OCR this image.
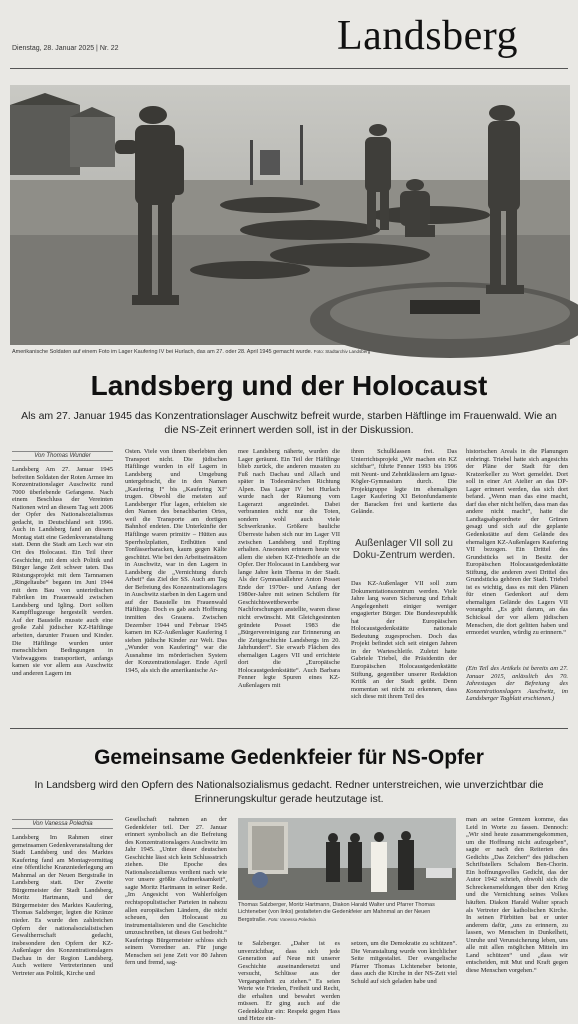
Dienstag, 28. Januar 2025 | Nr. 22	Landsberg
Amerikanische Soldaten auf einem Foto im Lager Kaufering IV bei Hurlach, das am 27. oder 28. April 1945 gemacht wurde. Foto: Stadtarchiv Landsberg
Landsberg und der Holocaust
Als am 27. Januar 1945 das Konzentrationslager Auschwitz befreit wurde, starben Häftlinge im Frauenwald. Wie an die NS-Zeit erinnert werden soll, ist in der Diskussion.
Von Thomas Wunder
Landsberg Am 27. Januar 1945 befreiten Soldaten der Roten Armee im Konzentrationslager Auschwitz rund 7000 überlebende Gefangene. Nach einem Beschluss der Vereinten Nationen wird an diesem Tag seit 2006 der Opfer des Nationalsozialismus gedacht, in Deutschland seit 1996. Auch in Landsberg fand an diesem Montag statt eine Gedenkveranstaltung statt. Denn die Stadt am Lech war ein Ort des Holocaust. Ein Teil ihrer Geschichte, mit dem sich Politik und Bürger lange Zeit schwer taten. Das Rüstungsprojekt mit dem Tarnnamen „Ringeltaube“ begann im Juni 1944 mit dem Bau von unterirdischen Fabriken im Frauenwald zwischen Landsberg und Igling. Dort sollten Kampfflugzeuge hergestellt werden. Auf der Baustelle musste auch eine große Zahl jüdischer KZ-Häftlinge arbeiten, darunter Frauen und Kinder. Die Häftlinge wurden unter menschlichen Bedingungen in Viehwaggons transportiert, anfangs kamen sie vor allem aus Auschwitz und anderen Lagern im
Osten. Viele von ihnen überlebten den Transport nicht. Die jüdischen Häftlinge wurden in elf Lagern in Landsberg und Umgebung untergebracht, die in den Namen „Kaufering I“ bis „Kaufering XI“ trugen. Obwohl die meisten auf Landsberger Flur lagen, erhielten sie den Namen des benachbarten Ortes, weil die Transporte am dortigen Bahnhof endeten. Die Unterkünfte der Häftlinge waren primitiv – Hütten aus Sperrholzplatten, Erdhütten und Tonfässerbaracken, kaum gegen Kälte geschützt. Wie bei den Arbeitseinsätzen in Auschwitz, war in den Lagern in Landsberg die „Vernichtung durch Arbeit“ das Ziel der SS. Auch am Tag der Befreiung des Konzentrationslagers in Auschwitz starben in den Lagern und auf der Baustelle im Frauenwald Häftlinge. Doch es gab auch Hoffnung inmitten des Grauens. Zwischen Dezember 1944 und Februar 1945 kamen im KZ-Außenlager Kaufering I sieben jüdische Kinder zur Welt. Das „Wunder von Kaufering“ war die Ausnahme im mörderischen System der Konzentrationslager. Ende April 1945, als sich die amerikanische Ar-
mee Landsberg näherte, wurden die Lager geräumt. Ein Teil der Häftlinge blieb zurück, die anderen mussten zu Fuß nach Dachau und Allach und später in Todesmärschen Richtung Alpen. Das Lager IV bei Hurlach wurde nach der Räumung vom Lagerarzt angezündet. Dabei verbrannten nicht nur die Toten, sondern wohl auch viele Schwerkranke. Größere bauliche Überreste haben sich nur im Lager VII zwischen Landsberg und Erpfting erhalten. Ansonsten erinnern heute vor allem die sieben KZ-Friedhöfe an die Opfer. Der Holocaust in Landsberg war lange Jahre kein Thema in der Stadt. Als der Gymnasiallehrer Anton Posset Ende der 1970er- und Anfang der 1980er-Jahre mit seinen Schülern für Geschichtswettbewerbe Nachforschungen anstellte, waren diese nicht erwünscht. Mit Gleichgesinnten gründete Posset 1983 die „Bürgervereinigung zur Erinnerung an die Zeitgeschichte Landsbergs im 20. Jahrhundert“. Sie erwarb Flächen des ehemaligen Lagers VII und errichtete dort die „Europäische Holocaustgedenkstätte“. Auch Barbara Fenner legte Spuren eines KZ-Außenlagers mit
ihren Schulklassen frei. Das Unterrichtsprojekt „Wir machen ein KZ sichtbar“, führte Fenner 1993 bis 1996 mit Neunt- und Zehntklässlern am Ignaz-Kögler-Gymnasium durch. Die Projektgruppe legte im ehemaligen Lager Kaufering XI Betonfundamente der Baracken frei und kartierte das Gelände.
Außenlager VII soll zu Doku-Zentrum werden.
Das KZ-Außenlager VII soll zum Dokumentationszentrum werden. Viele Jahre lang waren Sicherung und Erhalt Angelegenheit einiger weniger engagierter Bürger. Die Bundesrepublik hat der Europäischen Holocaustgedenkstätte nationale Bedeutung zugesprochen. Doch das Projekt befindet sich seit einigen Jahren in der Warteschleife. Zuletzt hatte Gabriele Triebel, die Präsidentin der Europäischen Holocaustgedenkstätte Stiftung, gegenüber unserer Redaktion Kritik an der Stadt geübt. Denn momentan sei nicht zu erkennen, dass sich diese mit ihrem Teil des
historischen Areals in die Planungen einbringt. Triebel hatte sich angesichts der Pläne der Stadt für den Kratzerkeller zu Wort gemeldet. Dort soll in einer Art Atelier an das DP-Lager erinnert werden, das sich dort befand. „Wenn man das eine macht, darf das eher nicht helfen, dass man das andere nicht macht“, hatte die Landtagsabgeordnete der Grünen gesagt und sich auf die geplante Gedenkstätte auf dem Gelände des ehemaligen KZ-Außenlagers Kaufering VII bezogen. Ein Drittel des Grundstücks sei in Besitz der Europäischen Holocaustgedenkstätte Stiftung, die anderen zwei Drittel des Grundstücks gehören der Stadt. Triebel ist es wichtig, dass es mit den Plänen für einen Gedenkort auf dem ehemaligen Gelände des Lagers VII vorangeht. „Es geht darum, an das Schicksal der vor allem jüdischen Menschen, die dort gelitten haben und ermordet wurden, würdig zu erinnern.“
(Ein Teil des Artikels ist bereits am 27. Januar 2015, anlässlich des 70. Jahrestages der Befreiung des Konzentrationslagers Auschwitz, im Landsberger Tagblatt erschienen.)
Gemeinsame Gedenkfeier für NS-Opfer
In Landsberg wird den Opfern des Nationalsozialismus gedacht. Redner unterstreichen, wie unverzichtbar die Erinnerungskultur gerade heutzutage ist.
Von Vanessa Polednia
Landsberg Im Rahmen einer gemeinsamen Gedenkveranstaltung der Stadt Landsberg und des Marktes Kaufering fand am Montagvormittag eine öffentliche Kranzniederlegung am Mahnmal an der Neuen Bergstraße in Landsberg statt. Der Zweite Bürgermeister der Stadt Landsberg, Moritz Hartmann, und der Bürgermeister des Marktes Kaufering, Thomas Salzberger, legten die Kränze nieder. Es wurde den zahlreichen Opfern der nationalsozialistischen Gewaltherrschaft gedacht, insbesondere den Opfern der KZ-Außenlager des Konzentrationslagers Dachau in der Region Landsberg. Auch weitere Vertreterinnen und Vertreter aus Politik, Kirche und
Gesellschaft nahmen an der Gedenkfeier teil. Der 27. Januar erinnert symbolisch an die Befreiung des Konzentrationslagers Auschwitz im Jahr 1945. „Unter dieser deutschen Geschichte lässt sich kein Schlussstrich ziehen. Die Epoche des Nationalsozialismus verdient nach wie vor unsere größte Aufmerksamkeit“, sagte Moritz Hartmann in seiner Rede. „Im Angesicht von Wahlerfolgen rechtspopulistischer Parteien in nahezu allen europäischen Ländern, die nicht scheuen, den Holocaust zu instrumentalisieren und die Geschichte umzuschreiben, ist dieses Gut bedroht.“ Kauferings Bürgermeister schloss sich seinem Vorredner an. Für junge Menschen sei jene Zeit vor 80 Jahren fern und fremd, sag-
Thomas Salzberger, Moritz Hartmann, Diakon Harald Walter und Pfarrer Thomas Lichteneber (von links) gestalteten die Gedenkfeier am Mahnmal an der Neuen Bergstraße. Foto: Vanessa Polednia
te Salzberger. „Daher ist es unverzichtbar, dass sich jede Generation auf Neue mit unserer Geschichte auseinandersetzt und versucht, Schlüsse aus der Vergangenheit zu ziehen.“ Es seien Werte wie Frieden, Freiheit und Recht, die erhalten und bewahrt werden müssen. Er ging auch auf die Gedenkkultur ein: Respekt gegen Hass und Hetze ein-
setzen, um die Demokratie zu schützen“. Die Veranstaltung wurde von kirchlicher Seite mitgestaltet. Der evangelische Pfarrer Thomas Lichteneber betonte, dass auch die Kirche in der NS-Zeit viel Schuld auf sich geladen habe und
man an seine Grenzen komme, das Leid in Worte zu fassen. Dennoch: „Wir sind heute zusammengekommen, um die Hoffnung nicht aufzugeben“, sagte er nach den Reiterien des Gedichts „Das Zeichen“ des jüdischen Schriftstellers Schalom Ben-Chorin. Ein hoffnungsvolles Gedicht, das der Autor 1942 schrieb, obwohl sich die Schreckensmeldungen über den Krieg und die Vernichtung seines Volkes häuften. Diakon Harald Walter sprach als Vertreter der katholischen Kirche. In seinen Fürbitten bat er unter anderem dafür, „uns zu erinnern, zu lassen, wo Menschen in Dunkelheit, Unruhe und Verunsicherung leben, uns alle mit allen möglichen Mitteln im Land schützen“ und „dass wir entscheiden, mit Mut und Kraft gegen diese Menschen vorgehen.“
